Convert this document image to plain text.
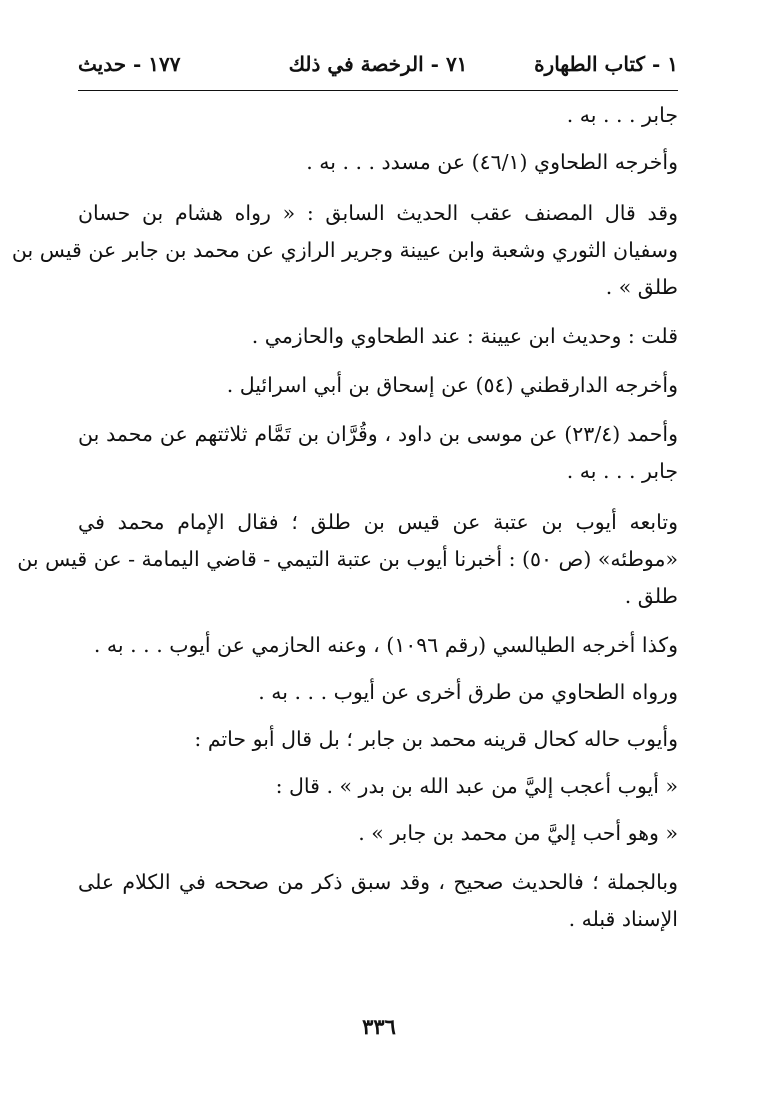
١ - كتاب الطهارة
٧١ - الرخصة في ذلك
١٧٧ - حديث

جابر . . . به .

وأخرجه الطحاوي (٤٦/١) عن مسدد . . . به .

وقد قال المصنف عقب الحديث السابق : « رواه هشام بن حسان

وسفيان الثوري وشعبة وابن عيينة وجرير الرازي عن محمد بن جابر عن قيس بن

طلق » .

قلت : وحديث ابن عيينة : عند الطحاوي والحازمي .

وأخرجه الدارقطني (٥٤) عن إسحاق بن أبي اسرائيل .

وأحمد (٢٣/٤) عن موسى بن داود ، وقُرَّان بن تَمَّام ثلاثتهم عن محمد بن

جابر . . . به .

وتابعه أيوب بن عتبة عن قيس بن طلق ؛ فقال الإمام محمد في

«موطئه» (ص ٥٠) : أخبرنا أيوب بن عتبة التيمي - قاضي اليمامة - عن قيس بن

طلق .

وكذا أخرجه الطيالسي (رقم ١٠٩٦) ، وعنه الحازمي عن أيوب . . . به .

ورواه الطحاوي من طرق أخرى عن أيوب . . . به .

وأيوب حاله كحال قرينه محمد بن جابر ؛ بل قال أبو حاتم :

« أيوب أعجب إليَّ من عبد الله بن بدر » . قال :

« وهو أحب إليَّ من محمد بن جابر » .

وبالجملة ؛ فالحديث صحيح ، وقد سبق ذكر من صححه في الكلام على

الإسناد قبله .

٣٣٦
